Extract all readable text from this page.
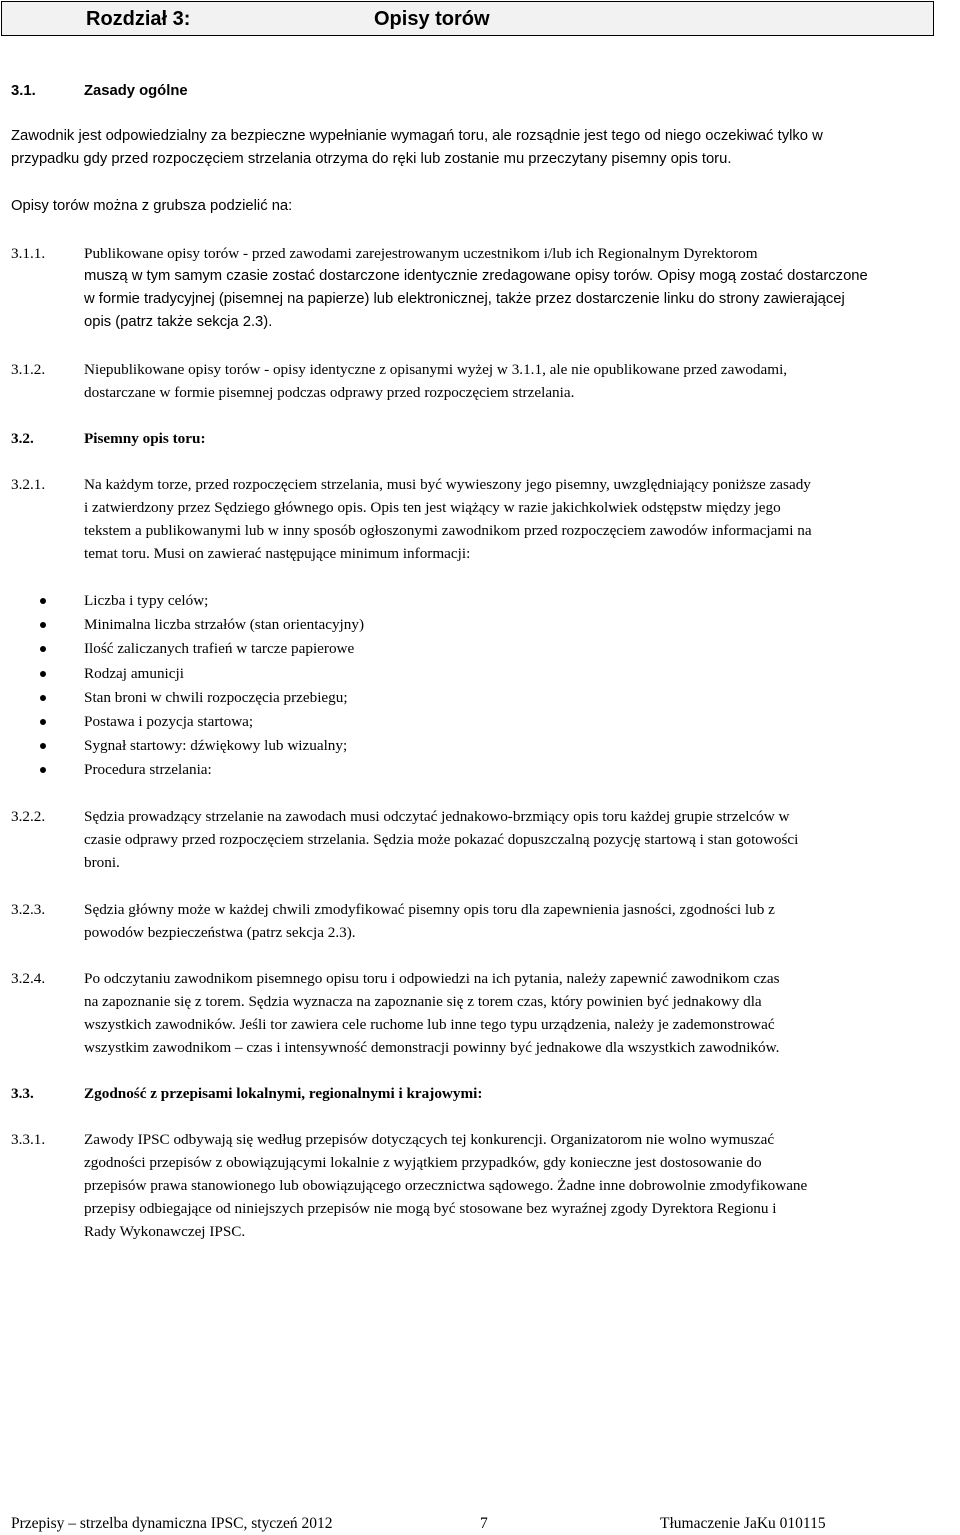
Rozdział 3:	Opisy torów
3.1.	Zasady ogólne
Zawodnik jest odpowiedzialny za bezpieczne wypełnianie wymagań toru, ale rozsądnie jest tego od niego oczekiwać tylko w
przypadku gdy przed rozpoczęciem strzelania otrzyma do ręki lub zostanie mu przeczytany pisemny opis toru.
Opisy torów można z grubsza podzielić na:
3.1.1.	Publikowane opisy torów - przed zawodami zarejestrowanym uczestnikom i/lub ich Regionalnym Dyrektorom
muszą w tym samym czasie zostać dostarczone identycznie zredagowane opisy torów. Opisy mogą zostać dostarczone
w formie tradycyjnej (pisemnej na papierze) lub elektronicznej, także przez dostarczenie linku do strony zawierającej
opis (patrz także sekcja 2.3).
3.1.2.	Niepublikowane opisy torów - opisy identyczne z opisanymi wyżej w 3.1.1, ale nie opublikowane przed zawodami,
dostarczane w formie pisemnej podczas odprawy przed rozpoczęciem strzelania.
3.2.	Pisemny opis toru:
3.2.1.	Na każdym torze, przed rozpoczęciem strzelania, musi być wywieszony jego pisemny, uwzględniający poniższe zasady
i zatwierdzony przez Sędziego głównego opis. Opis ten jest wiążący w razie jakichkolwiek odstępstw między jego
tekstem a publikowanymi lub w inny sposób ogłoszonymi zawodnikom przed rozpoczęciem zawodów informacjami na
temat toru. Musi on zawierać następujące minimum informacji:
Liczba i typy celów;
Minimalna liczba strzałów (stan orientacyjny)
Ilość zaliczanych trafień w tarcze papierowe
Rodzaj amunicji
Stan broni w chwili rozpoczęcia przebiegu;
Postawa i pozycja startowa;
Sygnał startowy: dźwiękowy lub wizualny;
Procedura strzelania:
3.2.2.	Sędzia prowadzący strzelanie na zawodach musi odczytać jednakowo-brzmiący opis toru każdej grupie strzelców w
czasie odprawy przed rozpoczęciem strzelania. Sędzia może pokazać dopuszczalną pozycję startową i stan gotowości
broni.
3.2.3.	Sędzia główny może w każdej chwili zmodyfikować pisemny opis toru dla zapewnienia jasności, zgodności lub z
powodów bezpieczeństwa (patrz sekcja 2.3).
3.2.4.	Po odczytaniu zawodnikom pisemnego opisu toru i odpowiedzi na ich pytania, należy zapewnić zawodnikom czas
na zapoznanie się z torem. Sędzia wyznacza na zapoznanie się z torem czas, który powinien być jednakowy dla
wszystkich zawodników. Jeśli tor zawiera cele ruchome lub inne tego typu urządzenia, należy je zademonstrować
wszystkim zawodnikom – czas i intensywność demonstracji powinny być jednakowe dla wszystkich zawodników.
3.3.	Zgodność z przepisami lokalnymi, regionalnymi i krajowymi:
3.3.1.	Zawody IPSC odbywają się według przepisów dotyczących tej konkurencji. Organizatorom nie wolno wymuszać
zgodności przepisów z obowiązującymi lokalnie z wyjątkiem przypadków, gdy konieczne jest dostosowanie do
przepisów prawa stanowionego lub obowiązującego orzecznictwa sądowego. Żadne inne dobrowolnie zmodyfikowane
przepisy odbiegające od niniejszych przepisów nie mogą być stosowane bez wyraźnej zgody Dyrektora Regionu i
Rady Wykonawczej IPSC.
Przepisy – strzelba dynamiczna IPSC, styczeń 2012	7	Tłumaczenie JaKu 010115
